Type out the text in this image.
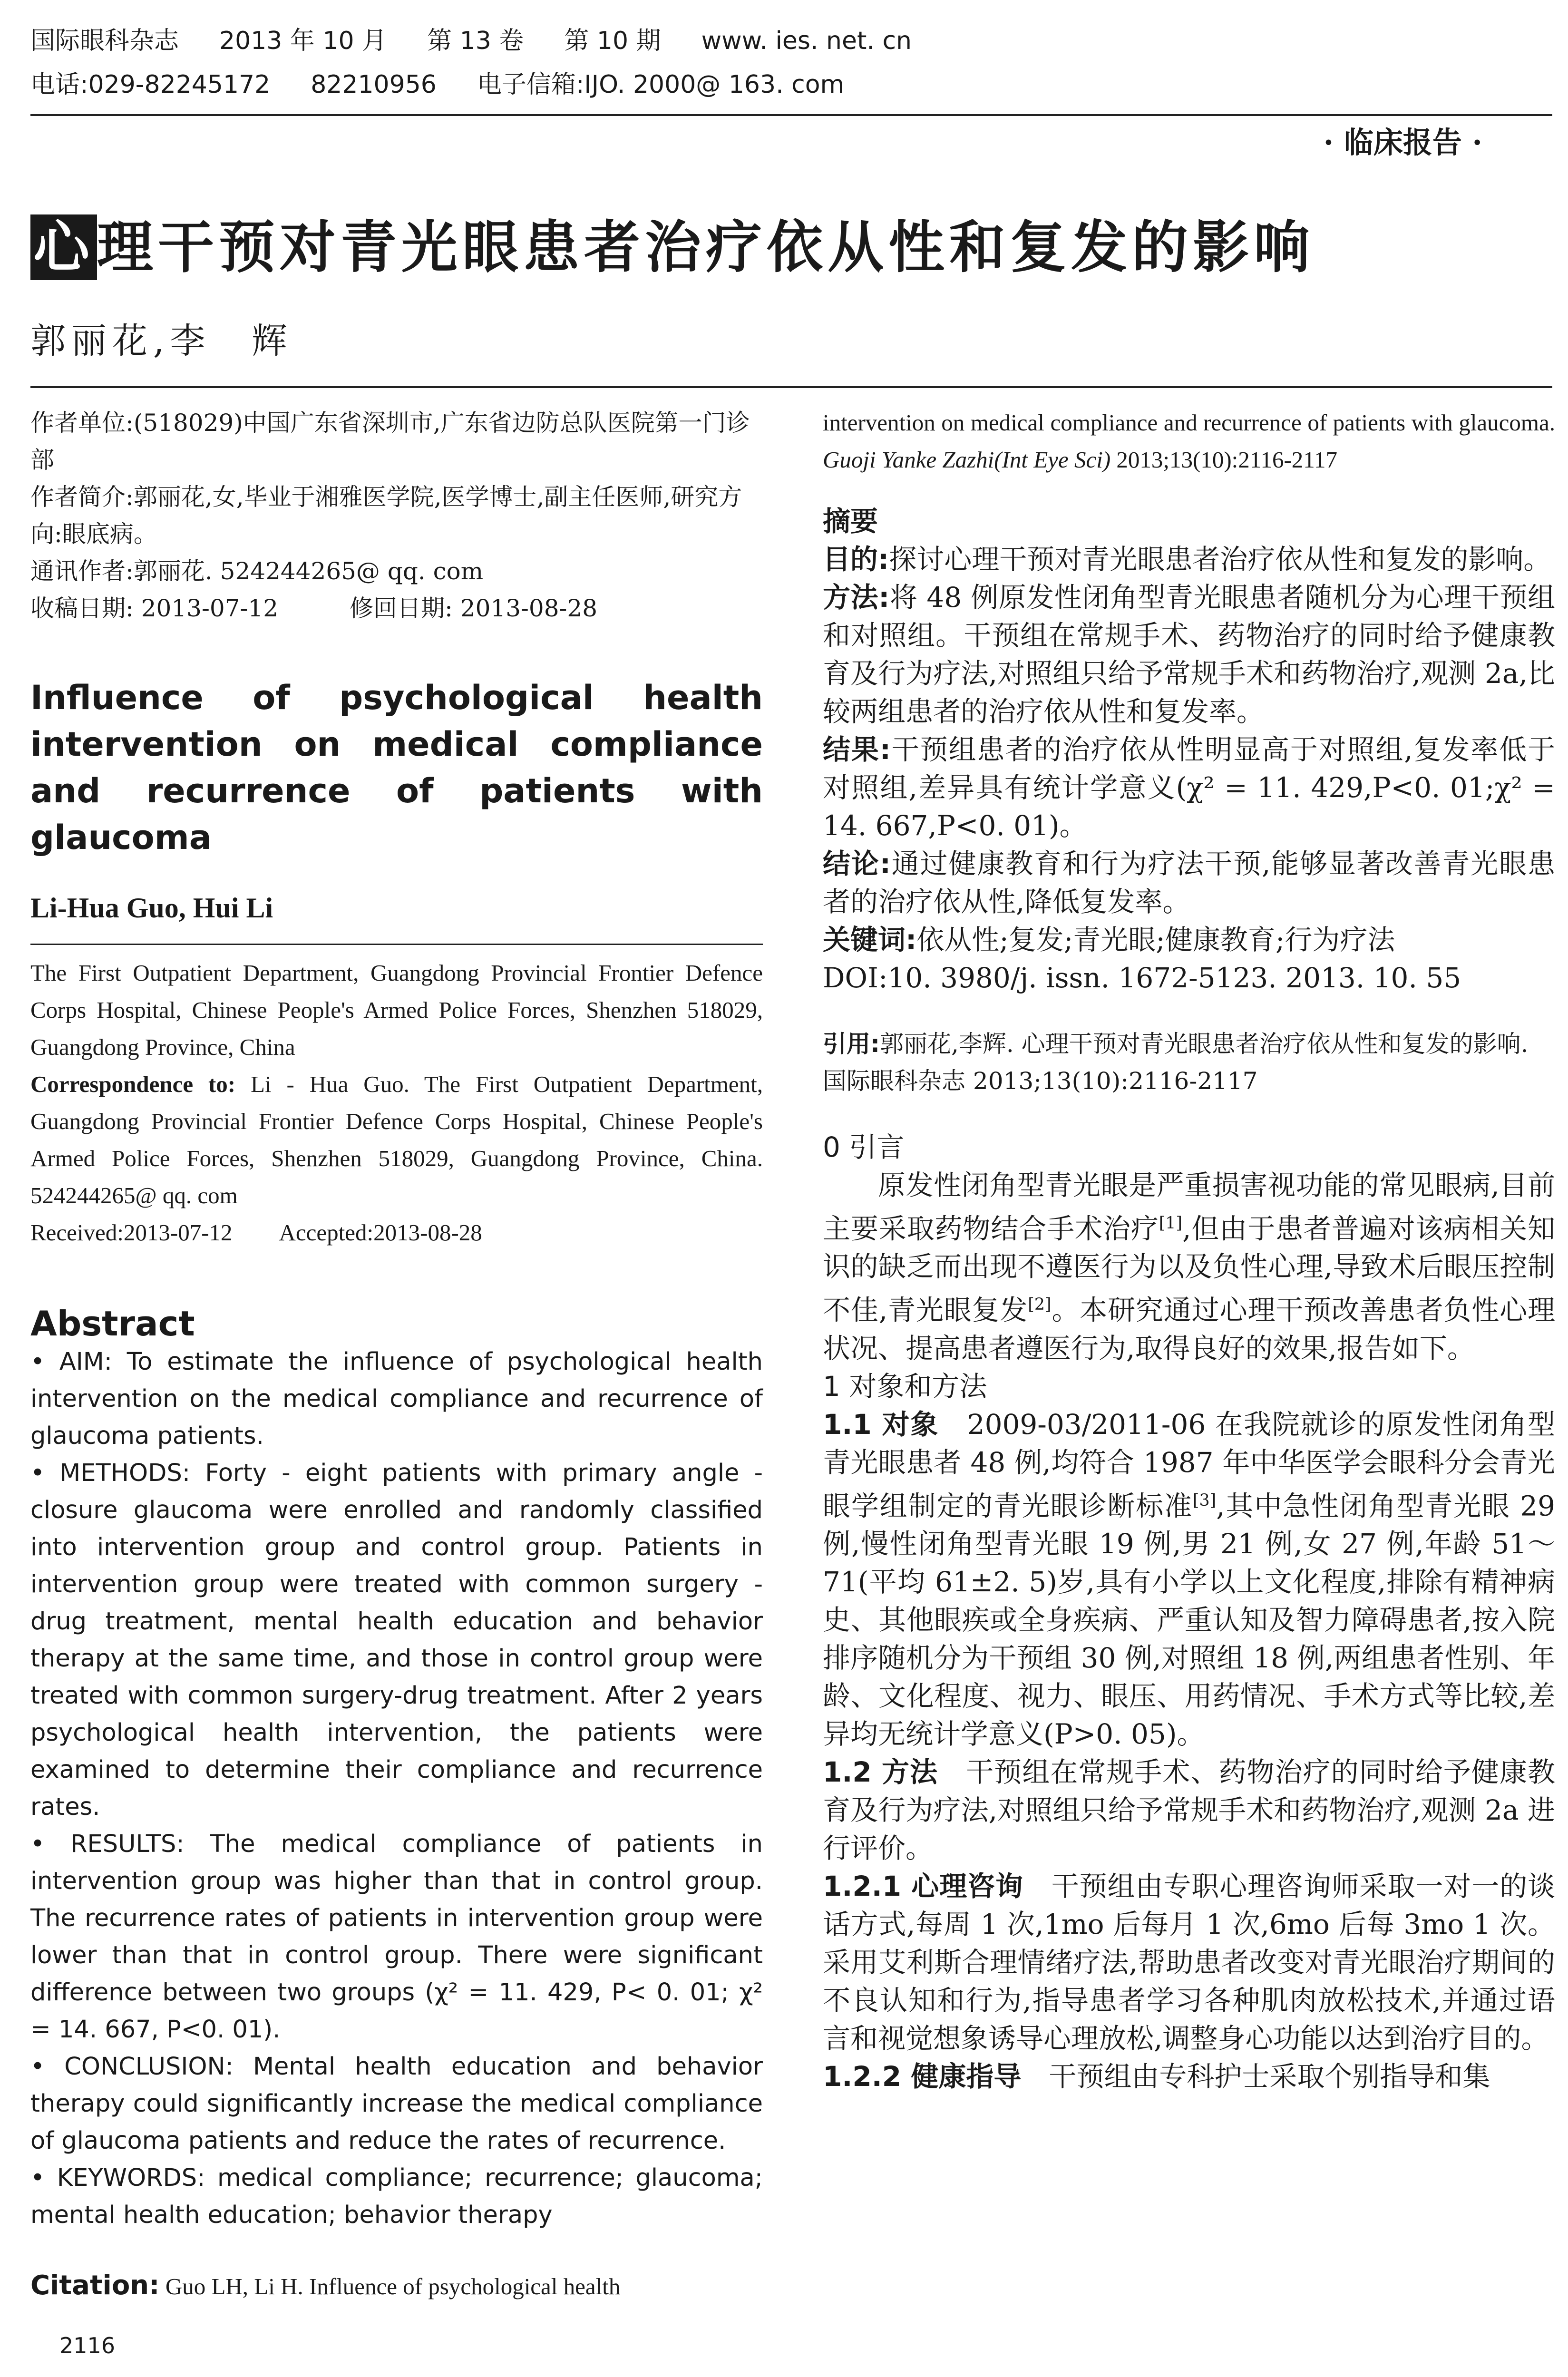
国际眼科杂志 2013 年 10 月 第 13 卷 第 10 期 www. ies. net. cn
电话:029-82245172 82210956 电子信箱:IJO. 2000@ 163. com
· 临床报告 ·
心理干预对青光眼患者治疗依从性和复发的影响
郭丽花,李　辉

作者单位:(518029)中国广东省深圳市,广东省边防总队医院第一门诊部

作者简介:郭丽花,女,毕业于湘雅医学院,医学博士,副主任医师,研究方向:眼底病。

通讯作者:郭丽花. 524244265@ qq. com

收稿日期: 2013-07-12　　　修回日期: 2013-08-28

Influence of psychological health intervention on medical compliance and recurrence of patients with glaucoma

Li-Hua Guo, Hui Li

The First Outpatient Department, Guangdong Provincial Frontier Defence Corps Hospital, Chinese People's Armed Police Forces, Shenzhen 518029, Guangdong Province, China

Correspondence to: Li - Hua Guo. The First Outpatient Department, Guangdong Provincial Frontier Defence Corps Hospital, Chinese People's Armed Police Forces, Shenzhen 518029, Guangdong Province, China. 524244265@ qq. com

Received:2013-07-12　　Accepted:2013-08-28

Abstract

• AIM: To estimate the influence of psychological health intervention on the medical compliance and recurrence of glaucoma patients.

• METHODS: Forty - eight patients with primary angle - closure glaucoma were enrolled and randomly classified into intervention group and control group. Patients in intervention group were treated with common surgery - drug treatment, mental health education and behavior therapy at the same time, and those in control group were treated with common surgery-drug treatment. After 2 years psychological health intervention, the patients were examined to determine their compliance and recurrence rates.

• RESULTS: The medical compliance of patients in intervention group was higher than that in control group. The recurrence rates of patients in intervention group were lower than that in control group. There were significant difference between two groups (χ² = 11. 429, P< 0. 01; χ² = 14. 667, P<0. 01).

• CONCLUSION: Mental health education and behavior therapy could significantly increase the medical compliance of glaucoma patients and reduce the rates of recurrence.

• KEYWORDS: medical compliance; recurrence; glaucoma; mental health education; behavior therapy

Citation: Guo LH, Li H. Influence of psychological health

intervention on medical compliance and recurrence of patients with glaucoma. Guoji Yanke Zazhi(Int Eye Sci) 2013;13(10):2116-2117

摘要

目的:探讨心理干预对青光眼患者治疗依从性和复发的影响。

方法:将 48 例原发性闭角型青光眼患者随机分为心理干预组和对照组。干预组在常规手术、药物治疗的同时给予健康教育及行为疗法,对照组只给予常规手术和药物治疗,观测 2a,比较两组患者的治疗依从性和复发率。

结果:干预组患者的治疗依从性明显高于对照组,复发率低于对照组,差异具有统计学意义(χ² = 11. 429,P<0. 01;χ² = 14. 667,P<0. 01)。

结论:通过健康教育和行为疗法干预,能够显著改善青光眼患者的治疗依从性,降低复发率。

关键词:依从性;复发;青光眼;健康教育;行为疗法

DOI:10. 3980/j. issn. 1672-5123. 2013. 10. 55

引用:郭丽花,李辉. 心理干预对青光眼患者治疗依从性和复发的影响. 国际眼科杂志 2013;13(10):2116-2117

0 引言

原发性闭角型青光眼是严重损害视功能的常见眼病,目前主要采取药物结合手术治疗[1],但由于患者普遍对该病相关知识的缺乏而出现不遵医行为以及负性心理,导致术后眼压控制不佳,青光眼复发[2]。本研究通过心理干预改善患者负性心理状况、提高患者遵医行为,取得良好的效果,报告如下。

1 对象和方法

1.1 对象　2009-03/2011-06 在我院就诊的原发性闭角型青光眼患者 48 例,均符合 1987 年中华医学会眼科分会青光眼学组制定的青光眼诊断标准[3],其中急性闭角型青光眼 29 例,慢性闭角型青光眼 19 例,男 21 例,女 27 例,年龄 51～71(平均 61±2. 5)岁,具有小学以上文化程度,排除有精神病史、其他眼疾或全身疾病、严重认知及智力障碍患者,按入院排序随机分为干预组 30 例,对照组 18 例,两组患者性别、年龄、文化程度、视力、眼压、用药情况、手术方式等比较,差异均无统计学意义(P>0. 05)。

1.2 方法　干预组在常规手术、药物治疗的同时给予健康教育及行为疗法,对照组只给予常规手术和药物治疗,观测 2a 进行评价。

1.2.1 心理咨询　干预组由专职心理咨询师采取一对一的谈话方式,每周 1 次,1mo 后每月 1 次,6mo 后每 3mo 1 次。采用艾利斯合理情绪疗法,帮助患者改变对青光眼治疗期间的不良认知和行为,指导患者学习各种肌肉放松技术,并通过语言和视觉想象诱导心理放松,调整身心功能以达到治疗目的。

1.2.2 健康指导　干预组由专科护士采取个别指导和集

2116
